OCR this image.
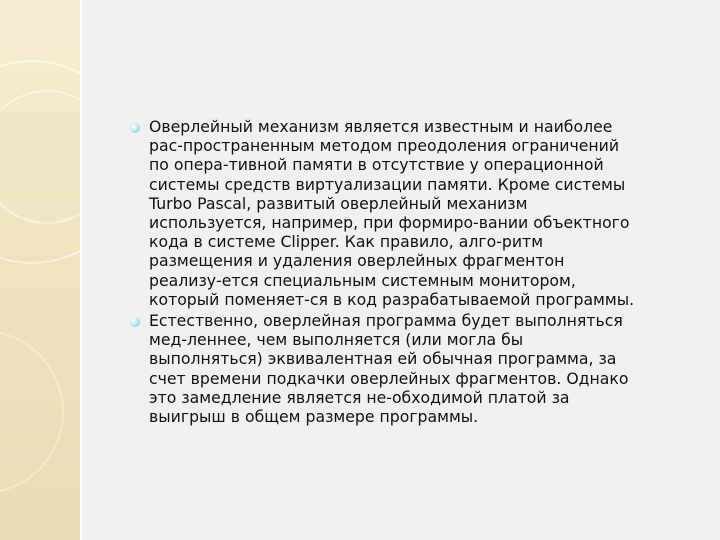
Оверлейный механизм является известным и наиболее
рас-пространенным методом преодоления ограничений
по опера-тивной памяти в отсутствие у операционной
системы средств виртуализации памяти. Кроме системы
Turbo Pascal, развитый оверлейный механизм
используется, например, при формиро-вании объектного
кода в системе Clipper. Как правило, алго-ритм
размещения и удаления оверлейных фрагментон
реализу-ется специальным системным монитором,
который поменяет-ся в код разрабатываемой программы.
Естественно, оверлейная программа будет выполняться
мед-леннее, чем выполняется (или могла бы
выполняться) эквивалентная ей обычная программа, за
счет времени подкачки оверлейных фрагментов. Однако
это замедление является не-обходимой платой за
выигрыш в общем размере программы.
